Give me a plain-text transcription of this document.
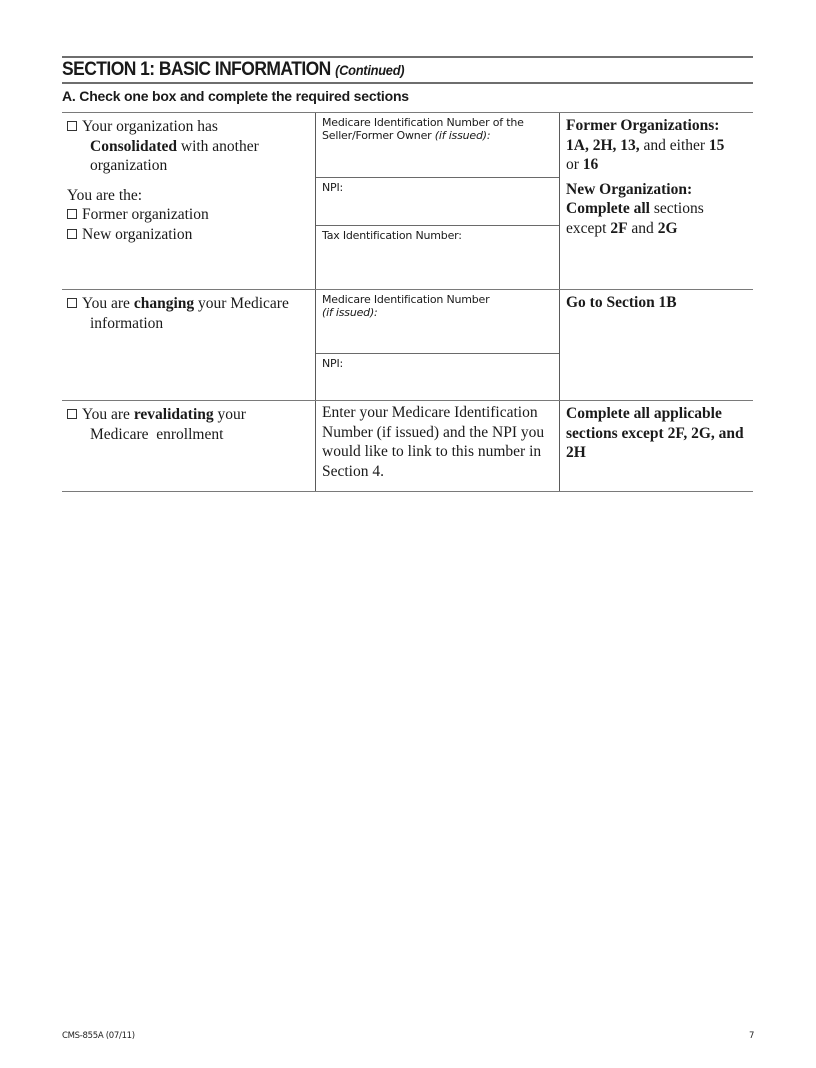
SECTION 1: BASIC INFORMATION (Continued)
A. Check one box and complete the required sections
Your organization has
Consolidated with another
organization
You are the:
Former organization
New organization
Medicare Identification Number of the Seller/Former Owner (if issued):
NPI:
Tax Identification Number:
Former Organizations:
1A, 2H, 13, and either 15
or 16
New Organization:
Complete all sections
except 2F and 2G
You are changing your Medicare
information
Medicare Identification Number
(if issued):
NPI:
Go to Section 1B
You are revalidating your
Medicare  enrollment
Enter your Medicare Identification Number (if issued) and the NPI you would like to link to this number in Section 4.
Complete all applicable sections except 2F, 2G, and 2H
CMS-855A (07/11)	7
